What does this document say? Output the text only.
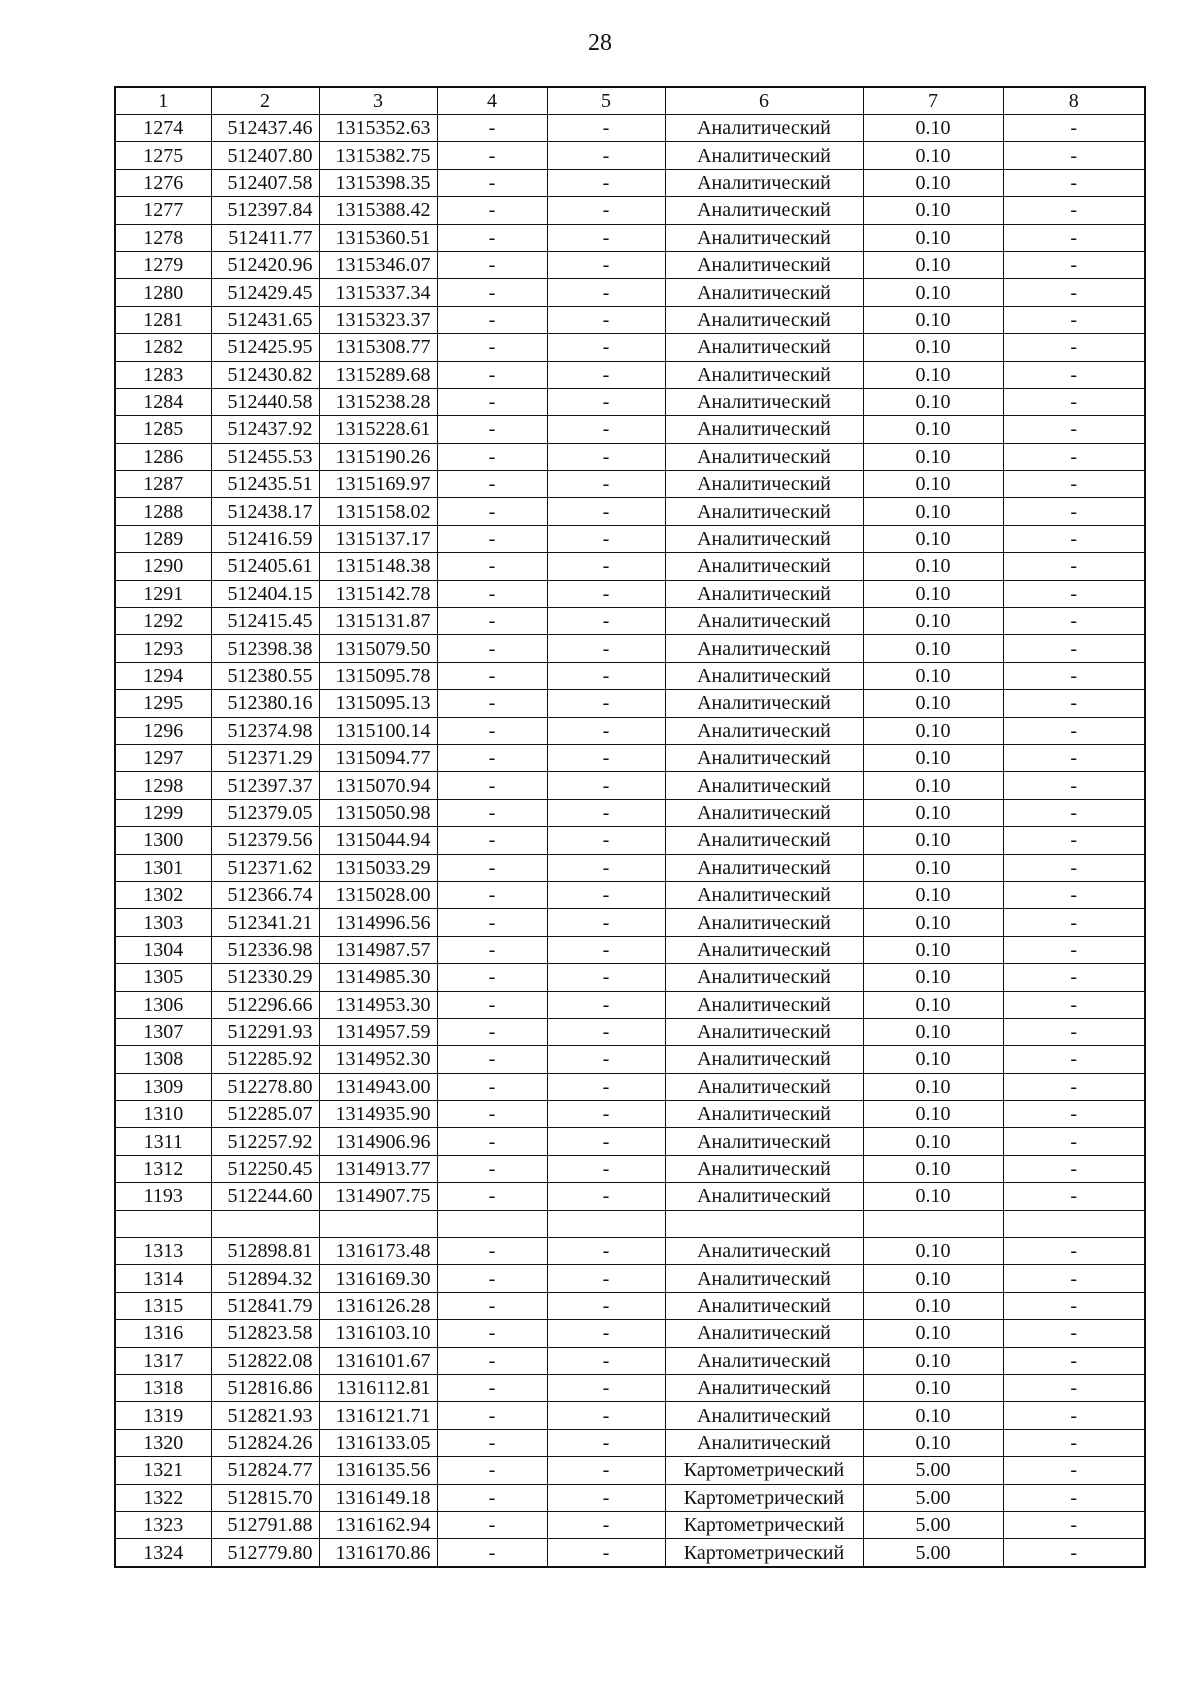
28
1	2	3	4	5	6	7	8
1274	512437.46	1315352.63	-	-	Аналитический	0.10	-
1275	512407.80	1315382.75	-	-	Аналитический	0.10	-
1276	512407.58	1315398.35	-	-	Аналитический	0.10	-
1277	512397.84	1315388.42	-	-	Аналитический	0.10	-
1278	512411.77	1315360.51	-	-	Аналитический	0.10	-
1279	512420.96	1315346.07	-	-	Аналитический	0.10	-
1280	512429.45	1315337.34	-	-	Аналитический	0.10	-
1281	512431.65	1315323.37	-	-	Аналитический	0.10	-
1282	512425.95	1315308.77	-	-	Аналитический	0.10	-
1283	512430.82	1315289.68	-	-	Аналитический	0.10	-
1284	512440.58	1315238.28	-	-	Аналитический	0.10	-
1285	512437.92	1315228.61	-	-	Аналитический	0.10	-
1286	512455.53	1315190.26	-	-	Аналитический	0.10	-
1287	512435.51	1315169.97	-	-	Аналитический	0.10	-
1288	512438.17	1315158.02	-	-	Аналитический	0.10	-
1289	512416.59	1315137.17	-	-	Аналитический	0.10	-
1290	512405.61	1315148.38	-	-	Аналитический	0.10	-
1291	512404.15	1315142.78	-	-	Аналитический	0.10	-
1292	512415.45	1315131.87	-	-	Аналитический	0.10	-
1293	512398.38	1315079.50	-	-	Аналитический	0.10	-
1294	512380.55	1315095.78	-	-	Аналитический	0.10	-
1295	512380.16	1315095.13	-	-	Аналитический	0.10	-
1296	512374.98	1315100.14	-	-	Аналитический	0.10	-
1297	512371.29	1315094.77	-	-	Аналитический	0.10	-
1298	512397.37	1315070.94	-	-	Аналитический	0.10	-
1299	512379.05	1315050.98	-	-	Аналитический	0.10	-
1300	512379.56	1315044.94	-	-	Аналитический	0.10	-
1301	512371.62	1315033.29	-	-	Аналитический	0.10	-
1302	512366.74	1315028.00	-	-	Аналитический	0.10	-
1303	512341.21	1314996.56	-	-	Аналитический	0.10	-
1304	512336.98	1314987.57	-	-	Аналитический	0.10	-
1305	512330.29	1314985.30	-	-	Аналитический	0.10	-
1306	512296.66	1314953.30	-	-	Аналитический	0.10	-
1307	512291.93	1314957.59	-	-	Аналитический	0.10	-
1308	512285.92	1314952.30	-	-	Аналитический	0.10	-
1309	512278.80	1314943.00	-	-	Аналитический	0.10	-
1310	512285.07	1314935.90	-	-	Аналитический	0.10	-
1311	512257.92	1314906.96	-	-	Аналитический	0.10	-
1312	512250.45	1314913.77	-	-	Аналитический	0.10	-
1193	512244.60	1314907.75	-	-	Аналитический	0.10	-

1313	512898.81	1316173.48	-	-	Аналитический	0.10	-
1314	512894.32	1316169.30	-	-	Аналитический	0.10	-
1315	512841.79	1316126.28	-	-	Аналитический	0.10	-
1316	512823.58	1316103.10	-	-	Аналитический	0.10	-
1317	512822.08	1316101.67	-	-	Аналитический	0.10	-
1318	512816.86	1316112.81	-	-	Аналитический	0.10	-
1319	512821.93	1316121.71	-	-	Аналитический	0.10	-
1320	512824.26	1316133.05	-	-	Аналитический	0.10	-
1321	512824.77	1316135.56	-	-	Картометрический	5.00	-
1322	512815.70	1316149.18	-	-	Картометрический	5.00	-
1323	512791.88	1316162.94	-	-	Картометрический	5.00	-
1324	512779.80	1316170.86	-	-	Картометрический	5.00	-
